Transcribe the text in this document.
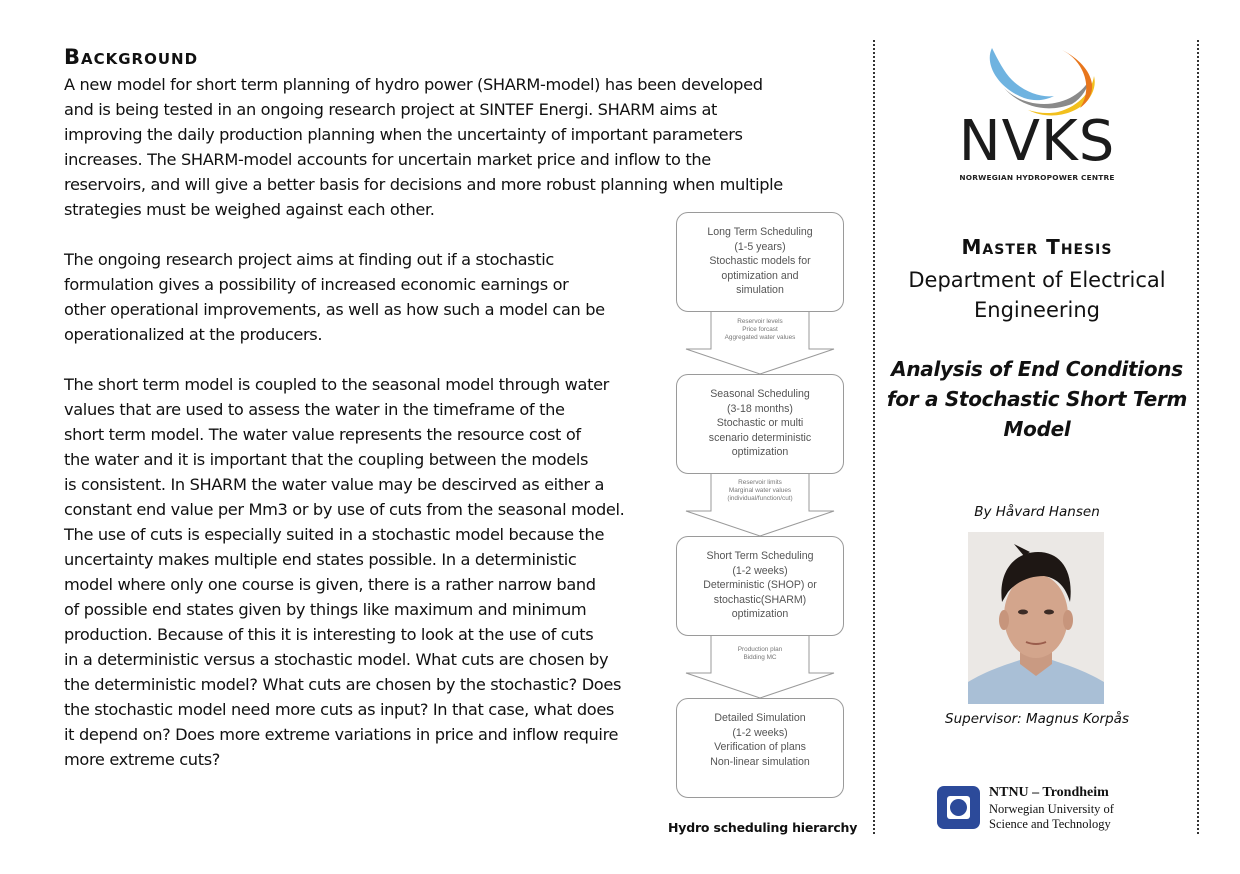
Background
A new model for short term planning of hydro power (SHARM-model) has been developed
and is being tested in an ongoing research project at SINTEF Energi. SHARM aims at
improving the daily production planning when the uncertainty of important parameters
increases. The SHARM-model accounts for uncertain market price and inflow to the
reservoirs, and will give a better basis for decisions and more robust planning when multiple
strategies must be weighed against each other.
The ongoing research project aims at finding out if a stochastic
formulation gives a possibility of increased economic earnings or
other operational improvements, as well as how such a model can be
operationalized at the producers.
The short term model is coupled to the seasonal model through water
values that are used to assess the water in the timeframe of the
short term model. The water value represents the resource cost of
the water and it is important that the coupling between the models
is consistent. In SHARM the water value may be descirved as either a
constant end value per Mm3 or by use of cuts from the seasonal model.
The use of cuts is especially suited in a stochastic model because the
uncertainty makes multiple end states possible. In a deterministic
model where only one course is given, there is a rather narrow band
of possible end states given by things like maximum and minimum
production. Because of this it is interesting to look at the use of cuts
in a deterministic versus a stochastic model. What cuts are chosen by
the deterministic model? What cuts are chosen by the stochastic? Does
the stochastic model need more cuts as input? In that case, what does
it depend on? Does more extreme variations in price and inflow require
more extreme cuts?
Long Term Scheduling
(1-5 years)
Stochastic models for
optimization and
simulation
Reservoir levels
Price forcast
Aggregated water values
Seasonal Scheduling
(3-18 months)
Stochastic or multi
scenario deterministic
optimization
Reservoir limits
Marginal water values
(individual/function/cut)
Short Term Scheduling
(1-2 weeks)
Deterministic (SHOP) or
stochastic(SHARM)
optimization
Production plan
Bidding MC
Detailed Simulation
(1-2 weeks)
Verification of plans
Non-linear simulation
Hydro scheduling hierarchy
NVKS
NORWEGIAN HYDROPOWER CENTRE
Master Thesis
Department of Electrical
Engineering
Analysis of End Conditions
for a Stochastic Short Term
Model
By Håvard Hansen
Supervisor: Magnus Korpås
NTNU – Trondheim
Norwegian University of
Science and Technology
